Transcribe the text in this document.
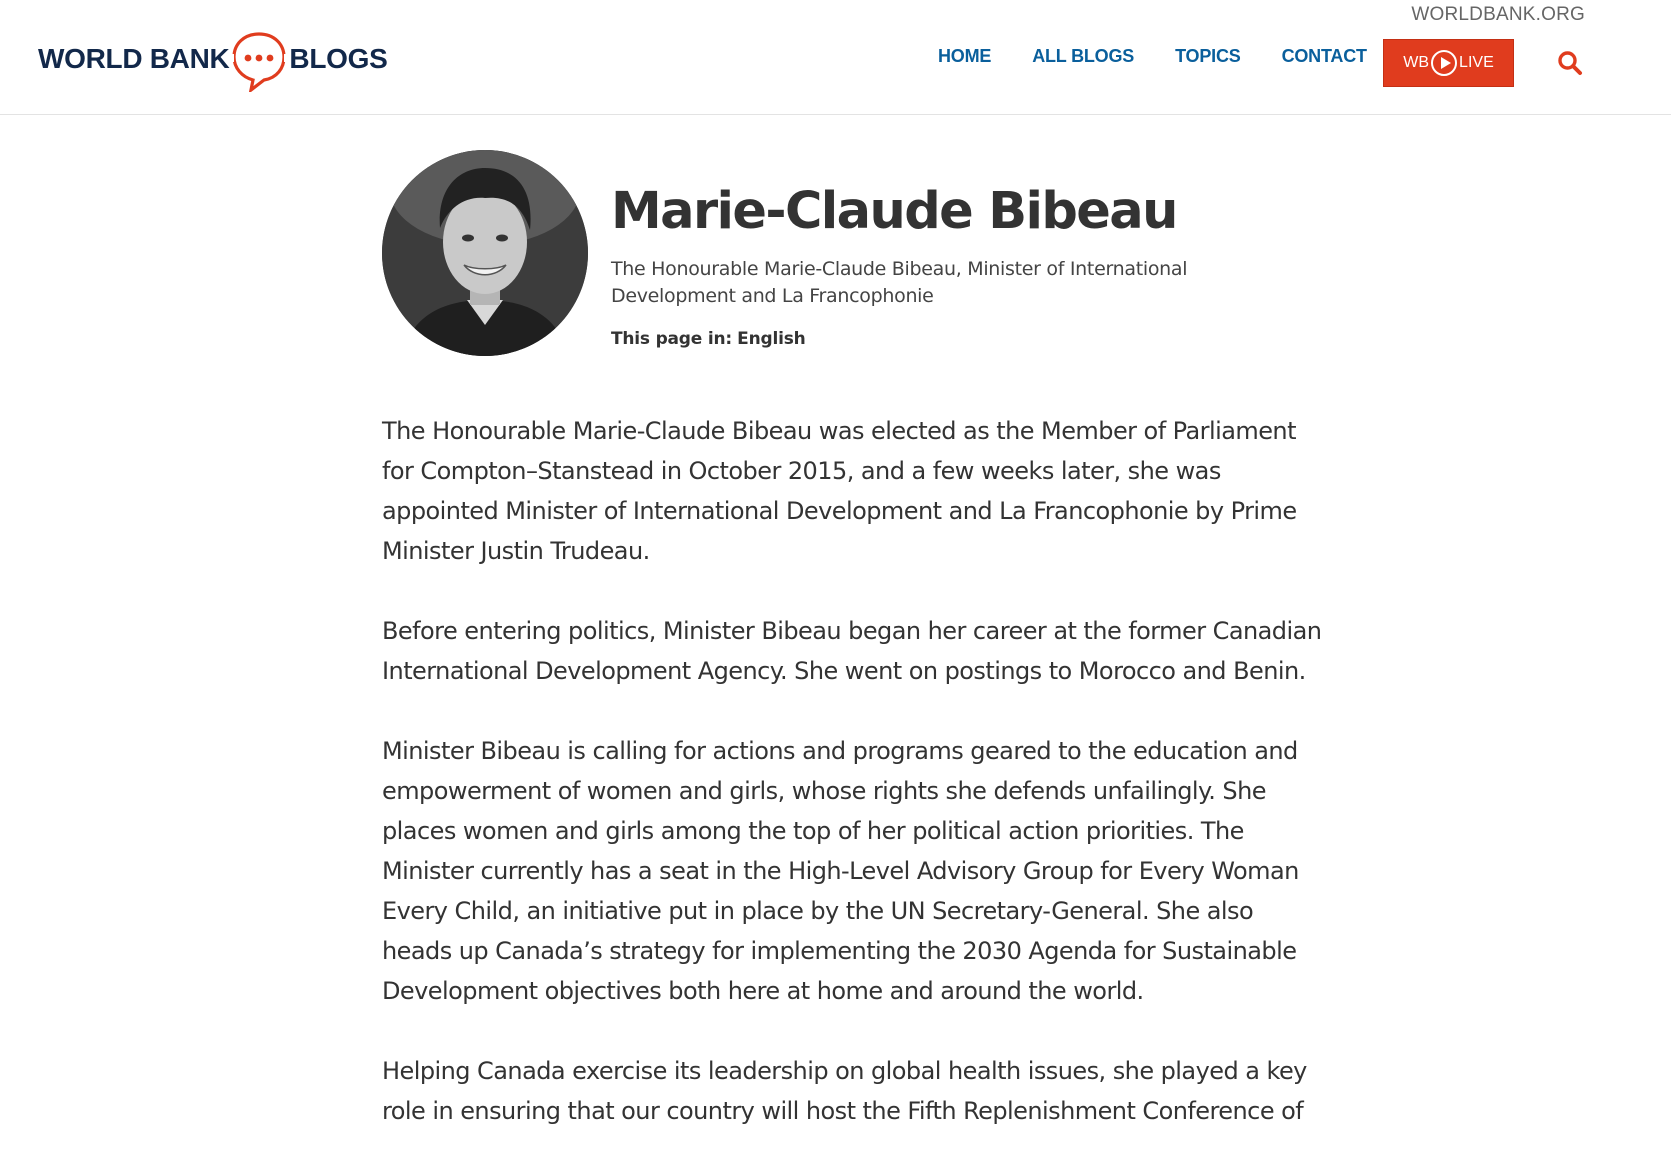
WORLD BANK BLOGS
WORLDBANK.ORG
HOME ALL BLOGS TOPICS CONTACT WB LIVE
Marie-Claude Bibeau
The Honourable Marie-Claude Bibeau, Minister of International Development and La Francophonie
This page in: English

The Honourable Marie-Claude Bibeau was elected as the Member of Parliament for Compton–Stanstead in October 2015, and a few weeks later, she was appointed Minister of International Development and La Francophonie by Prime Minister Justin Trudeau.

Before entering politics, Minister Bibeau began her career at the former Canadian International Development Agency. She went on postings to Morocco and Benin.

Minister Bibeau is calling for actions and programs geared to the education and empowerment of women and girls, whose rights she defends unfailingly. She places women and girls among the top of her political action priorities. The Minister currently has a seat in the High-Level Advisory Group for Every Woman Every Child, an initiative put in place by the UN Secretary-General. She also heads up Canada’s strategy for implementing the 2030 Agenda for Sustainable Development objectives both here at home and around the world.

Helping Canada exercise its leadership on global health issues, she played a key role in ensuring that our country will host the Fifth Replenishment Conference of
